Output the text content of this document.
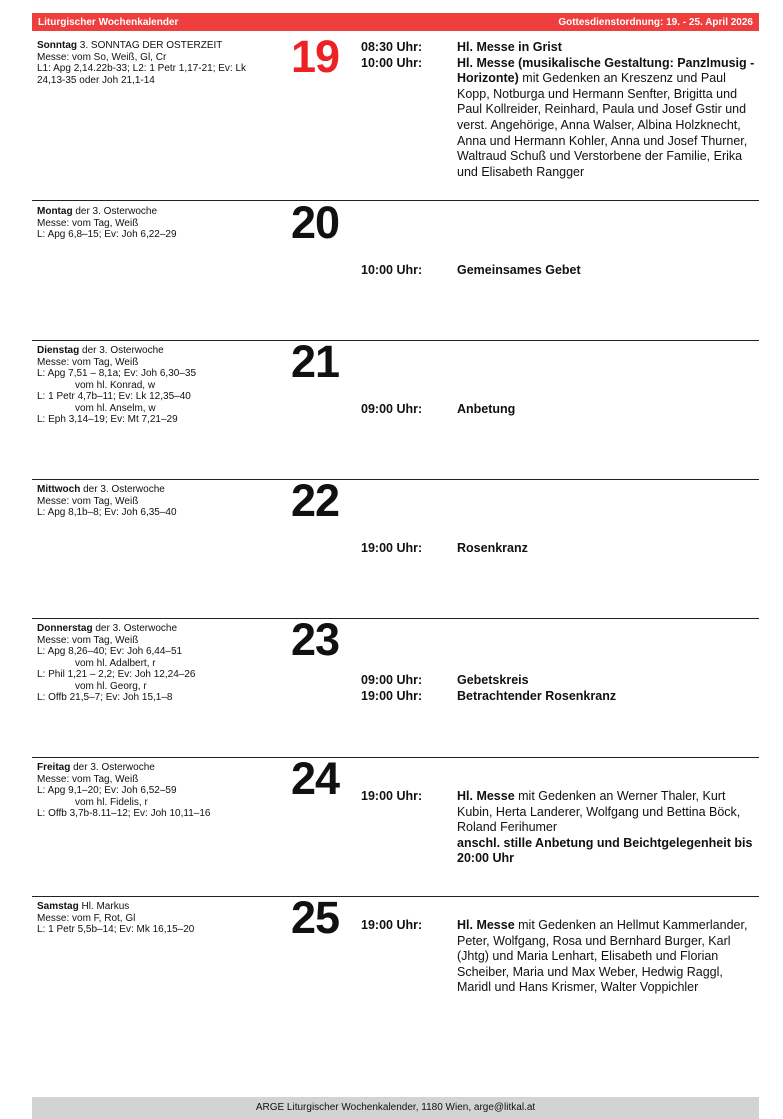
Liturgischer Wochenkalender	Gottesdienstordnung: 19. - 25. April 2026
Sonntag 3. SONNTAG DER OSTERZEIT
Messe: vom So, Weiß, Gl, Cr
L1: Apg 2,14.22b-33; L2: 1 Petr 1,17-21; Ev: Lk 24,13-35 oder Joh 21,1-14	19 08:30 Uhr:	Hl. Messe in Grist
10:00 Uhr:	Hl. Messe (musikalische Gestaltung: Panzlmusig - Horizonte) mit Gedenken an Kreszenz und Paul Kopp, Notburga und Hermann Senfter, Brigitta und Paul Kollreider, Reinhard, Paula und Josef Gstir und verst. Angehörige, Anna Walser, Albina Holzknecht, Anna und Hermann Kohler, Anna und Josef Thurner, Waltraud Schuß und Verstorbene der Familie, Erika und Elisabeth Rangger
Montag der 3. Osterwoche
Messe: vom Tag, Weiß
L: Apg 6,8–15; Ev: Joh 6,22–29	20
10:00 Uhr:	Gemeinsames Gebet
Dienstag der 3. Osterwoche
Messe: vom Tag, Weiß
L: Apg 7,51 – 8,1a; Ev: Joh 6,30–35
vom hl. Konrad, w
L: 1 Petr 4,7b–11; Ev: Lk 12,35–40
vom hl. Anselm, w
L: Eph 3,14–19; Ev: Mt 7,21–29
21
09:00 Uhr:	Anbetung
Mittwoch der 3. Osterwoche
Messe: vom Tag, Weiß
L: Apg 8,1b–8; Ev: Joh 6,35–40	22
19:00 Uhr:	Rosenkranz
Donnerstag der 3. Osterwoche
Messe: vom Tag, Weiß
L: Apg 8,26–40; Ev: Joh 6,44–51
vom hl. Adalbert, r
L: Phil 1,21 – 2,2; Ev: Joh 12,24–26
vom hl. Georg, r
L: Offb 21,5–7; Ev: Joh 15,1–8
23
09:00 Uhr:	Gebetskreis
19:00 Uhr:	Betrachtender Rosenkranz
Freitag der 3. Osterwoche
Messe: vom Tag, Weiß
L: Apg 9,1–20; Ev: Joh 6,52–59
vom hl. Fidelis, r
L: Offb 3,7b-8.11–12; Ev: Joh 10,11–16
24 19:00 Uhr:	Hl. Messe mit Gedenken an Werner Thaler, Kurt Kubin, Herta Landerer, Wolfgang und Bettina Böck, Roland Ferihumer
anschl. stille Anbetung und Beichtgelegenheit bis 20:00 Uhr
Samstag Hl. Markus
Messe: vom F, Rot, Gl
L: 1 Petr 5,5b–14; Ev: Mk 16,15–20	25 19:00 Uhr:	Hl. Messe mit Gedenken an Hellmut Kammerlander, Peter, Wolfgang, Rosa und Bernhard Burger, Karl (Jhtg) und Maria Lenhart, Elisabeth und Florian Scheiber, Maria und Max Weber, Hedwig Raggl, Maridl und Hans Krismer, Walter Voppichler
ARGE Liturgischer Wochenkalender, 1180 Wien, arge@litkal.at
